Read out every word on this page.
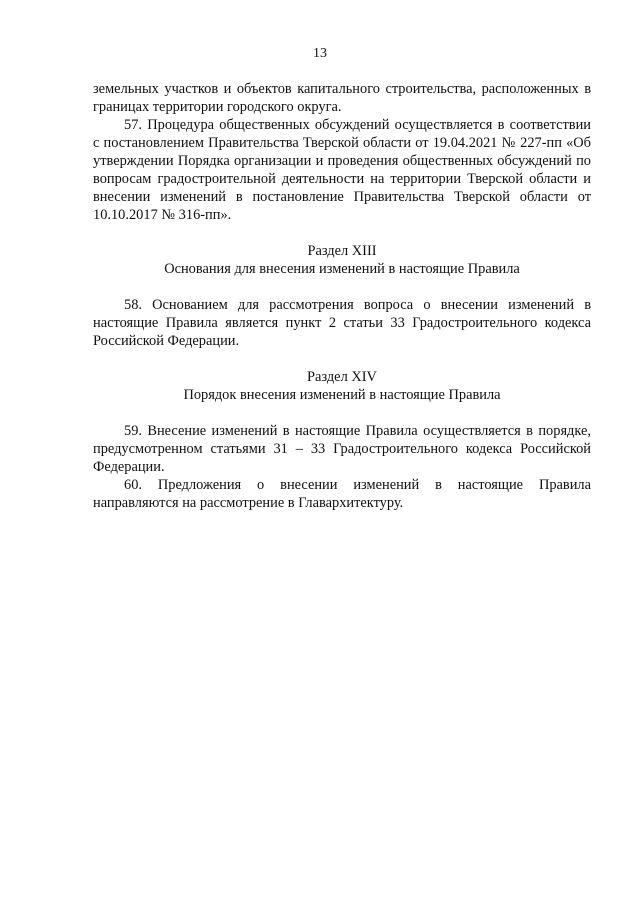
13

земельных участков и объектов капитального строительства, расположенных в границах территории городского округа.

57. Процедура общественных обсуждений осуществляется в соответствии с постановлением Правительства Тверской области от 19.04.2021 № 227-пп «Об утверждении Порядка организации и проведения общественных обсуждений по вопросам градостроительной деятельности на территории Тверской области и внесении изменений в постановление Правительства Тверской области от 10.10.2017 № 316-пп».

Раздел XIII

Основания для внесения изменений в настоящие Правила

58. Основанием для рассмотрения вопроса о внесении изменений в настоящие Правила является пункт 2 статьи 33 Градостроительного кодекса Российской Федерации.

Раздел XIV

Порядок внесения изменений в настоящие Правила

59. Внесение изменений в настоящие Правила осуществляется в порядке, предусмотренном статьями 31 – 33 Градостроительного кодекса Российской Федерации.

60. Предложения о внесении изменений в настоящие Правила направляются на рассмотрение в Главархитектуру.
